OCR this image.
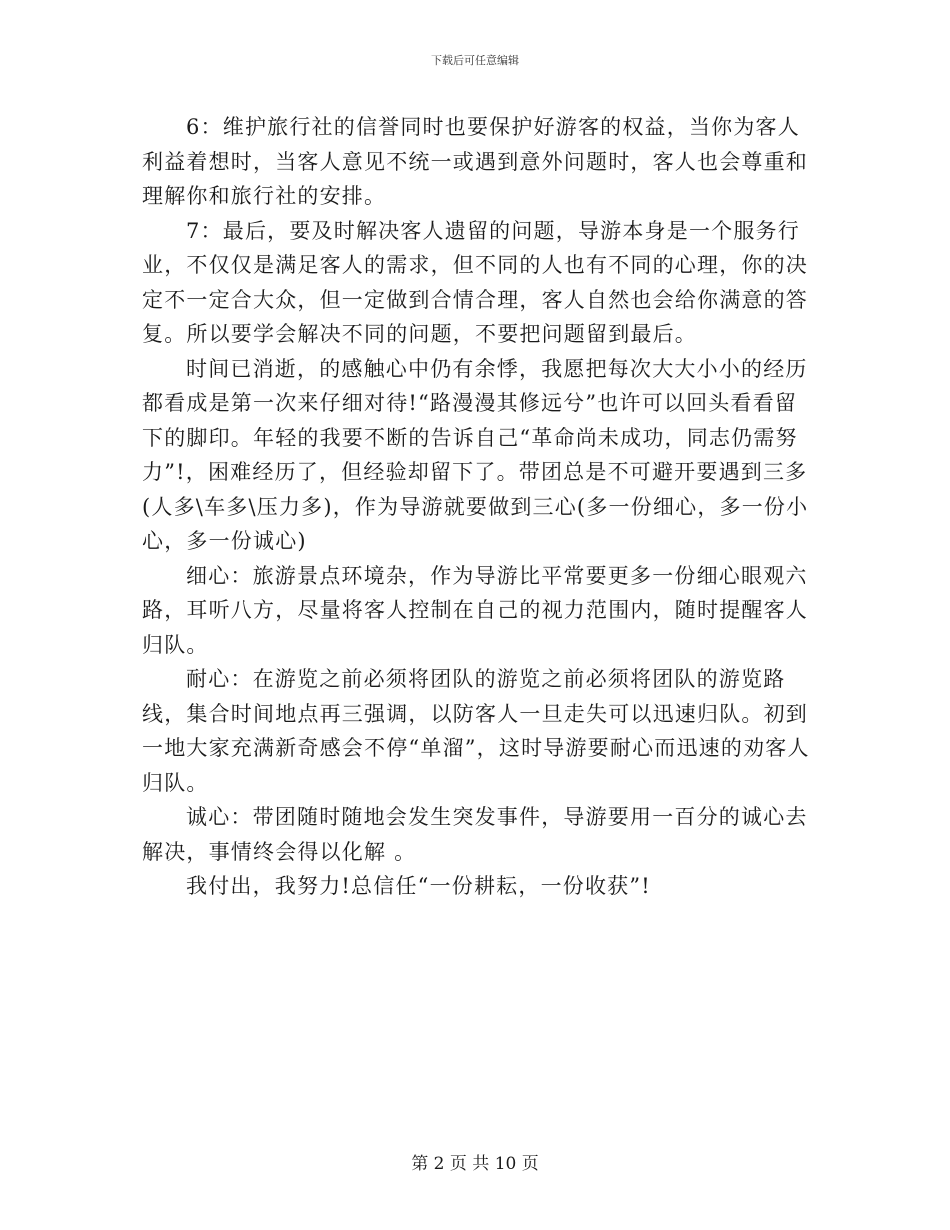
下载后可任意编辑

6：维护旅行社的信誉同时也要保护好游客的权益，当你为客人利益着想时，当客人意见不统一或遇到意外问题时，客人也会尊重和理解你和旅行社的安排。

7：最后，要及时解决客人遗留的问题，导游本身是一个服务行业，不仅仅是满足客人的需求，但不同的人也有不同的心理，你的决定不一定合大众，但一定做到合情合理，客人自然也会给你满意的答复。所以要学会解决不同的问题，不要把问题留到最后。

时间已消逝，的感触心中仍有余悸，我愿把每次大大小小的经历都看成是第一次来仔细对待!“路漫漫其修远兮”也许可以回头看看留下的脚印。年轻的我要不断的告诉自己“革命尚未成功，同志仍需努力”!，困难经历了，但经验却留下了。带团总是不可避开要遇到三多(人多\车多\压力多)，作为导游就要做到三心(多一份细心，多一份小心，多一份诚心)

细心：旅游景点环境杂，作为导游比平常要更多一份细心眼观六路，耳听八方，尽量将客人控制在自己的视力范围内，随时提醒客人归队。

耐心：在游览之前必须将团队的游览之前必须将团队的游览路线，集合时间地点再三强调，以防客人一旦走失可以迅速归队。初到一地大家充满新奇感会不停“单溜”，这时导游要耐心而迅速的劝客人归队。

诚心：带团随时随地会发生突发事件，导游要用一百分的诚心去解决，事情终会得以化解 。

我付出，我努力!总信任“一份耕耘，一份收获”!

第 2 页 共 10 页
